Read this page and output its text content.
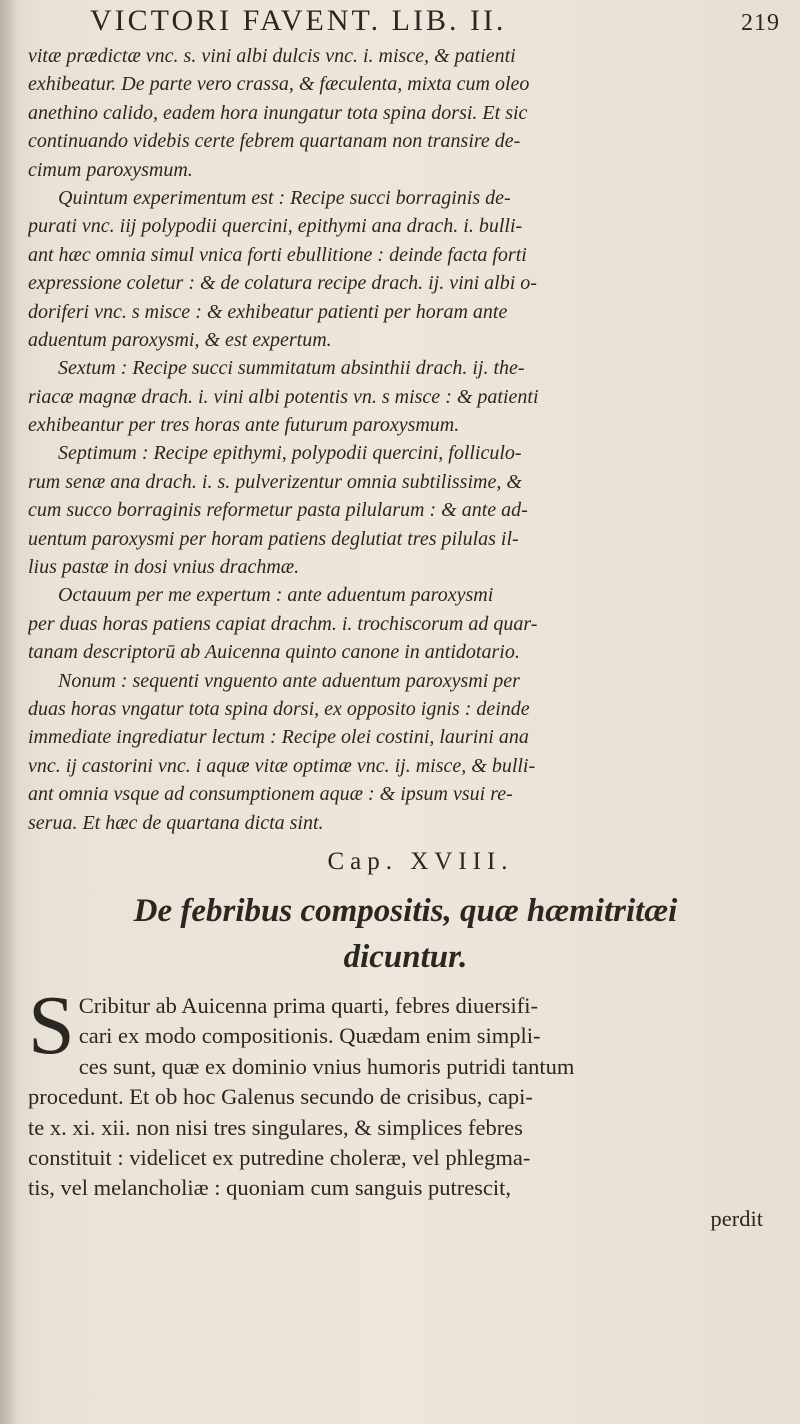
VICTORI FAVENT. LIB. II.	219
vitæ prædictæ vnc. s. vini albi dulcis vnc. i. misce, & patienti
exhibeatur. De parte vero crassa, & fæculenta, mixta cum oleo
anethino calido, eadem hora inungatur tota spina dorsi. Et sic
continuando videbis certe febrem quartanam non transire de-
cimum paroxysmum.
Quintum experimentum est : Recipe succi borraginis de-
purati vnc. iij polypodii quercini, epithymi ana drach. i. bulli-
ant hæc omnia simul vnica forti ebullitione : deinde facta forti
expressione coletur : & de colatura recipe drach. ij. vini albi o-
doriferi vnc. s misce : & exhibeatur patienti per horam ante
aduentum paroxysmi, & est expertum.
Sextum : Recipe succi summitatum absinthii drach. ij. the-
riacæ magnæ drach. i. vini albi potentis vn. s misce : & patienti
exhibeantur per tres horas ante futurum paroxysmum.
Septimum : Recipe epithymi, polypodii quercini, folliculo-
rum senæ ana drach. i. s. pulverizentur omnia subtilissime, &
cum succo borraginis reformetur pasta pilularum : & ante ad-
uentum paroxysmi per horam patiens deglutiat tres pilulas il-
lius pastæ in dosi vnius drachmæ.
Octauum per me expertum : ante aduentum paroxysmi
per duas horas patiens capiat drachm. i. trochiscorum ad quar-
tanam descriptorū ab Auicenna quinto canone in antidotario.
Nonum : sequenti vnguento ante aduentum paroxysmi per
duas horas vngatur tota spina dorsi, ex opposito ignis : deinde
immediate ingrediatur lectum : Recipe olei costini, laurini ana
vnc. ij castorini vnc. i aquæ vitæ optimæ vnc. ij. misce, & bulli-
ant omnia vsque ad consumptionem aquæ : & ipsum vsui re-
serua. Et hæc de quartana dicta sint.
Cap. XVIII.
De febribus compositis, quæ hæmitritæi
dicuntur.
S Cribitur ab Auicenna prima quarti, febres diuersifi-
cari ex modo compositionis. Quædam enim simpli-
ces sunt, quæ ex dominio vnius humoris putridi tantum
procedunt. Et ob hoc Galenus secundo de crisibus, capi-
te x. xi. xii. non nisi tres singulares, & simplices febres
constituit : videlicet ex putredine choleræ, vel phlegma-
tis, vel melancholiæ : quoniam cum sanguis putrescit,
perdit
